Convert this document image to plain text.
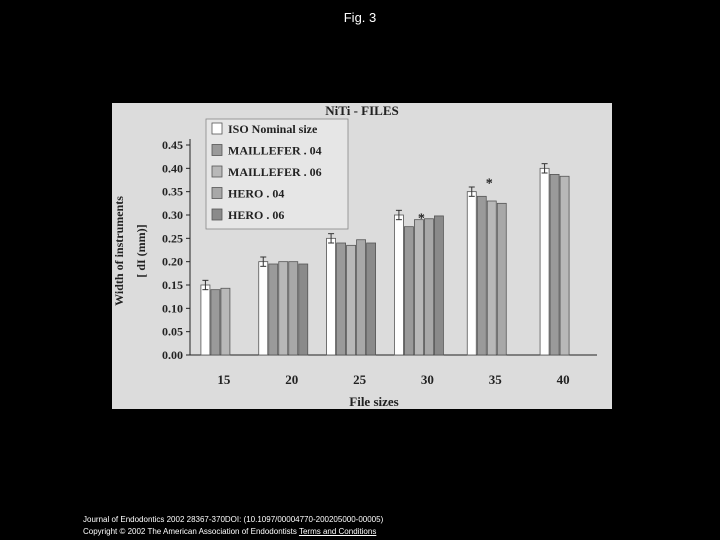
Fig. 3
NiTi - FILES
0.00
0.05
0.10
0.15
0.20
0.25
0.30
0.35
0.40
0.45
Width of instruments [ dI (mm)]
15	20	25	30	35	40
*
*
File sizes
ISO Nominal size
MAILLEFER . 04
MAILLEFER . 06
HERO . 04
HERO . 06
Journal of Endodontics 2002 28367-370DOI: (10.1097/00004770-200205000-00005)
Copyright © 2002 The American Association of Endodontists Terms and Conditions
